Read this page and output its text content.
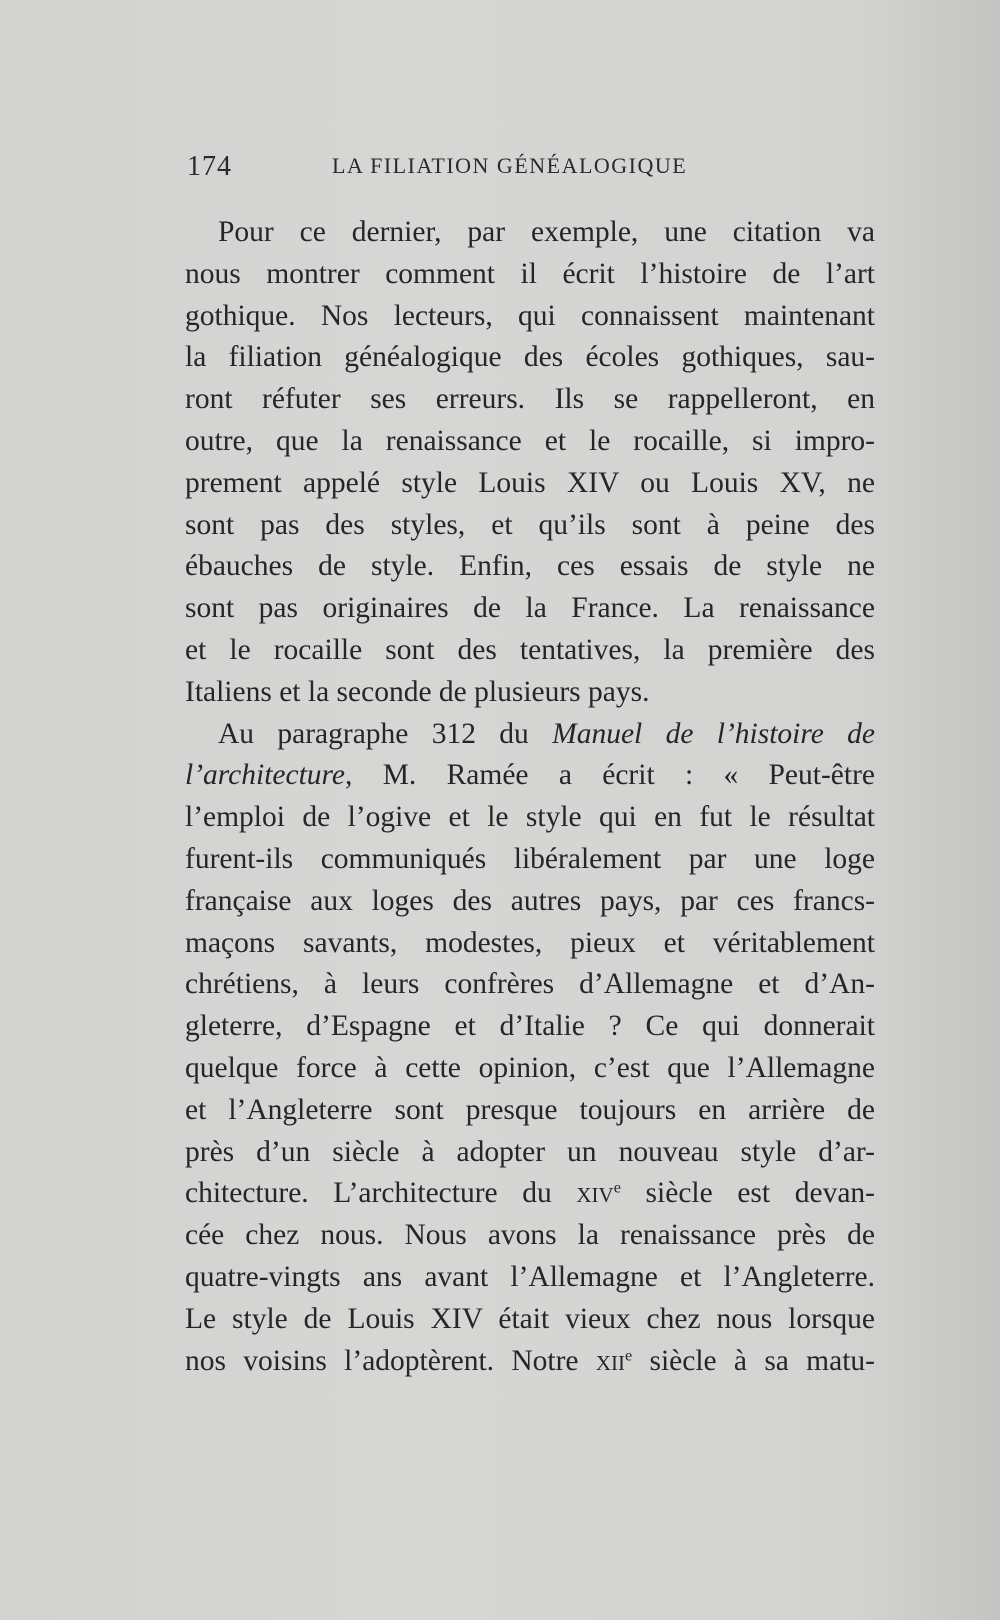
174	LA FILIATION GÉNÉALOGIQUE
Pour ce dernier, par exemple, une citation va
nous montrer comment il écrit l’histoire de l’art
gothique. Nos lecteurs, qui connaissent maintenant
la filiation généalogique des écoles gothiques, sau-
ront réfuter ses erreurs. Ils se rappelleront, en
outre, que la renaissance et le rocaille, si impro-
prement appelé style Louis XIV ou Louis XV, ne
sont pas des styles, et qu’ils sont à peine des
ébauches de style. Enfin, ces essais de style ne
sont pas originaires de la France. La renaissance
et le rocaille sont des tentatives, la première des
Italiens et la seconde de plusieurs pays.
Au paragraphe 312 du Manuel de l’histoire de
l’architecture, M. Ramée a écrit : « Peut-être
l’emploi de l’ogive et le style qui en fut le résultat
furent-ils communiqués libéralement par une loge
française aux loges des autres pays, par ces francs-
maçons savants, modestes, pieux et véritablement
chrétiens, à leurs confrères d’Allemagne et d’An-
gleterre, d’Espagne et d’Italie ? Ce qui donnerait
quelque force à cette opinion, c’est que l’Allemagne
et l’Angleterre sont presque toujours en arrière de
près d’un siècle à adopter un nouveau style d’ar-
chitecture. L’architecture du xiv$^e$ siècle est devan-
cée chez nous. Nous avons la renaissance près de
quatre-vingts ans avant l’Allemagne et l’Angleterre.
Le style de Louis XIV était vieux chez nous lorsque
nos voisins l’adoptèrent. Notre xii$^e$ siècle à sa matu-
